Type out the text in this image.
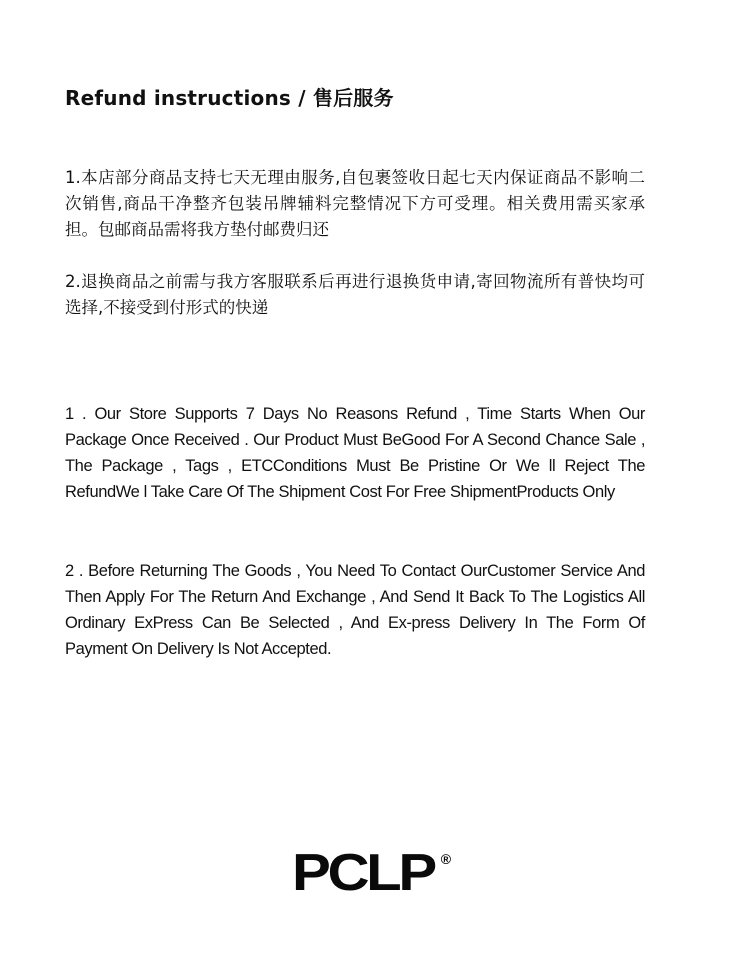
Refund instructions / 售后服务
1.本店部分商品支持七天无理由服务,自包裹签收日起七天内保证商品不影响二次销售,商品干净整齐包装吊牌辅料完整情况下方可受理。相关费用需买家承担。包邮商品需将我方垫付邮费归还
2.退换商品之前需与我方客服联系后再进行退换货申请,寄回物流所有普快均可选择,不接受到付形式的快递
1 . Our Store Supports 7 Days No Reasons Refund , Time Starts When Our Package Once Received . Our Product Must BeGood For A Second Chance Sale , The Package , Tags , ETCConditions Must Be Pristine Or We ll Reject The RefundWe l Take Care Of The Shipment Cost For Free ShipmentProducts Only
2 . Before Returning The Goods , You Need To Contact OurCustomer Service And Then Apply For The Return And Exchange , And Send It Back To The Logistics All Ordinary ExPress Can Be Selected , And Ex-press Delivery In The Form Of Payment On Delivery Is Not Accepted.
PCLP ®
